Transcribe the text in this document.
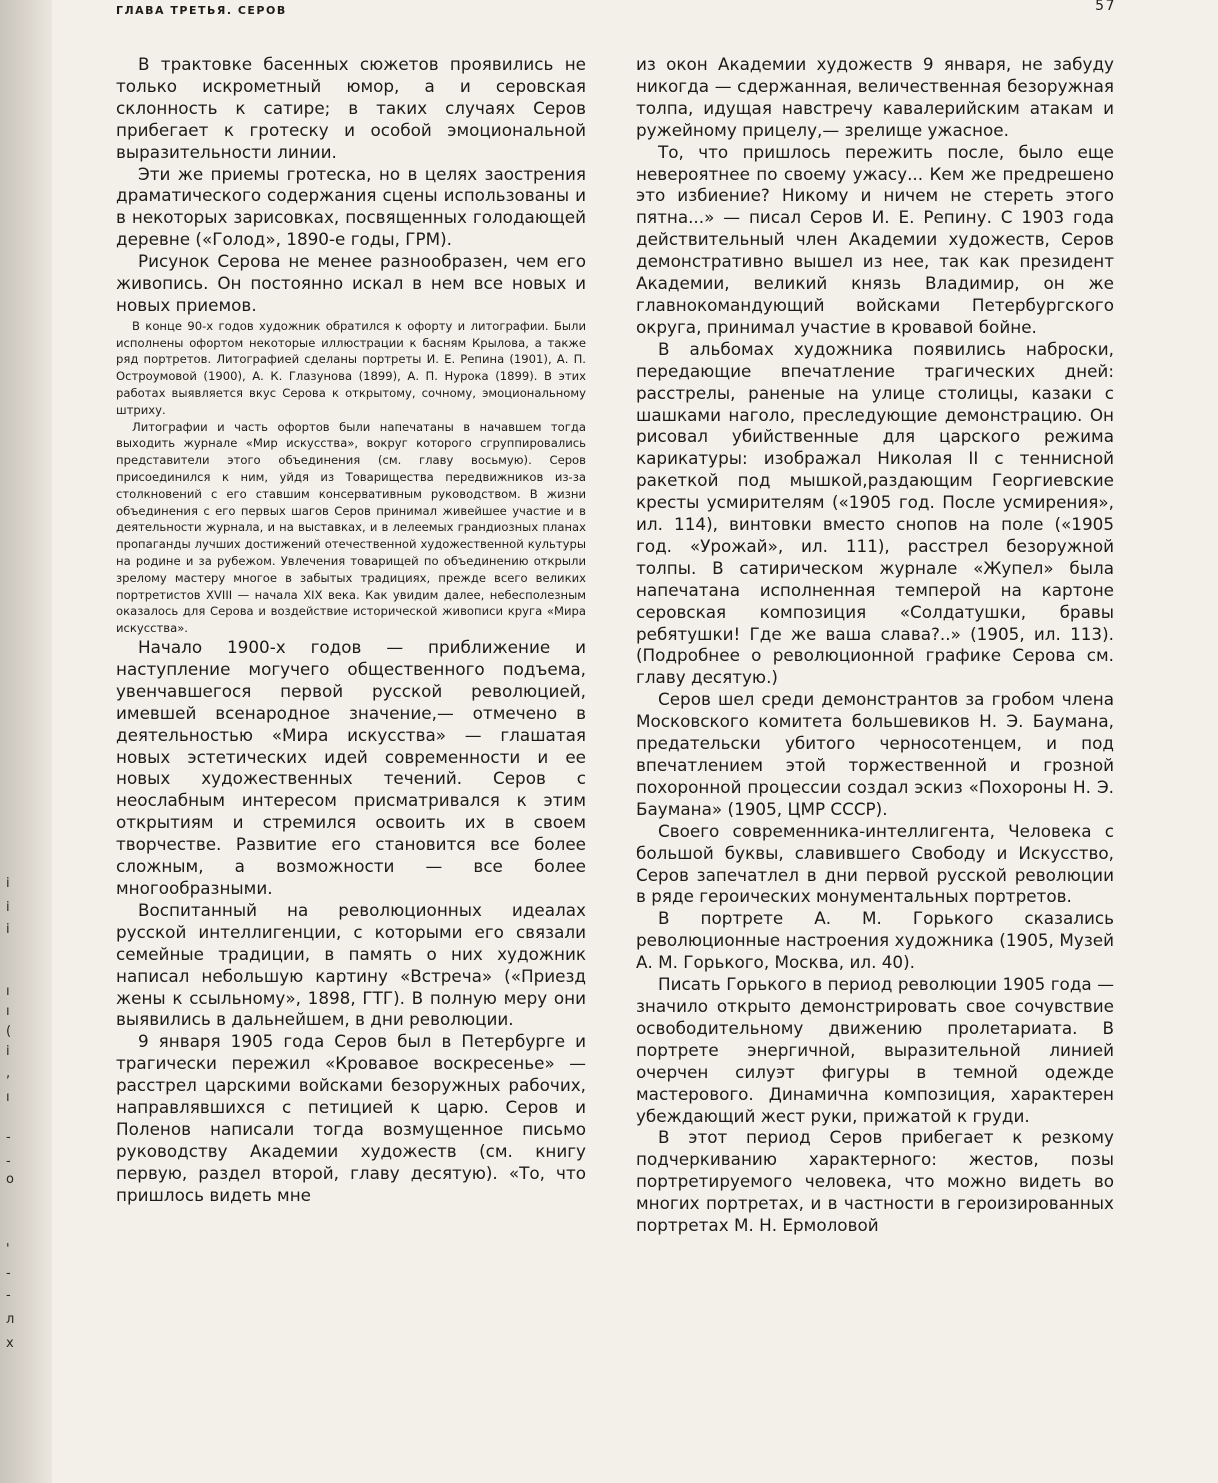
і
і
і
ı
ı
(
і
,
ı
-
-
о
'
-
-
л
х
ГЛАВА ТРЕТЬЯ. СЕРОВ	57

В трактовке басенных сюжетов проявились не только искрометный юмор, а и серовская склонность к сатире; в таких случаях Серов прибегает к гротеску и особой эмоциональной выразительности линии.

Эти же приемы гротеска, но в целях заострения драматического содержания сцены использованы и в некоторых зарисовках, посвященных голодающей деревне («Голод», 1890-е годы, ГРМ).

Рисунок Серова не менее разнообразен, чем его живопись. Он постоянно искал в нем все новых и новых приемов.

В конце 90-х годов художник обратился к офорту и литографии. Были исполнены офортом некоторые иллюстрации к басням Крылова, а также ряд портретов. Литографией сделаны портреты И. Е. Репина (1901), А. П. Остроумовой (1900), А. К. Глазунова (1899), А. П. Нурока (1899). В этих работах выявляется вкус Серова к открытому, сочному, эмоциональному штриху.

Литографии и часть офортов были напечатаны в начавшем тогда выходить журнале «Мир искусства», вокруг которого сгруппировались представители этого объединения (см. главу восьмую). Серов присоединился к ним, уйдя из Товарищества передвижников из-за столкновений с его ставшим консервативным руководством. В жизни объединения с его первых шагов Серов принимал живейшее участие и в деятельности журнала, и на выставках, и в лелеемых грандиозных планах пропаганды лучших достижений отечественной художественной культуры на родине и за рубежом. Увлечения товарищей по объединению открыли зрелому мастеру многое в забытых традициях, прежде всего великих портретистов XVIII — начала XIX века. Как увидим далее, небесполезным оказалось для Серова и воздействие исторической живописи круга «Мира искусства».

Начало 1900-х годов — приближение и наступление могучего общественного подъема, увенчавшегося первой русской революцией, имевшей всенародное значение,— отмечено в деятельностью «Мира искусства» — глашатая новых эстетических идей современности и ее новых художественных течений. Серов с неослабным интересом присматривался к этим открытиям и стремился освоить их в своем творчестве. Развитие его становится все более сложным, а возможности — все более многообразными.

Воспитанный на революционных идеалах русской интеллигенции, с которыми его связали семейные традиции, в память о них художник написал небольшую картину «Встреча» («Приезд жены к ссыльному», 1898, ГТГ). В полную меру они выявились в дальнейшем, в дни революции.

9 января 1905 года Серов был в Петербурге и трагически пережил «Кровавое воскресенье» — расстрел царскими войсками безоружных рабочих, направлявшихся с петицией к царю. Серов и Поленов написали тогда возмущенное письмо руководству Академии художеств (см. книгу первую, раздел второй, главу десятую). «То, что пришлось видеть мне

из окон Академии художеств 9 января, не забуду никогда — сдержанная, величественная безоружная толпа, идущая навстречу кавалерийским атакам и ружейному прицелу,— зрелище ужасное.

То, что пришлось пережить после, было еще невероятнее по своему ужасу... Кем же предрешено это избиение? Никому и ничем не стереть этого пятна...» — писал Серов И. Е. Репину. С 1903 года действительный член Академии художеств, Серов демонстративно вышел из нее, так как президент Академии, великий князь Владимир, он же главнокомандующий войсками Петербургского округа, принимал участие в кровавой бойне.

В альбомах художника появились наброски, передающие впечатление трагических дней: расстрелы, раненые на улице столицы, казаки с шашками наголо, преследующие демонстрацию. Он рисовал убийственные для царского режима карикатуры: изображал Николая II с теннисной ракеткой под мышкой,раздающим Георгиевские кресты усмирителям («1905 год. После усмирения», ил. 114), винтовки вместо снопов на поле («1905 год. «Урожай», ил. 111), расстрел безоружной толпы. В сатирическом журнале «Жупел» была напечатана исполненная темперой на картоне серовская композиция «Солдатушки, бравы ребятушки! Где же ваша слава?..» (1905, ил. 113). (Подробнее о революционной графике Серова см. главу десятую.)

Серов шел среди демонстрантов за гробом члена Московского комитета большевиков Н. Э. Баумана, предательски убитого черносотенцем, и под впечатлением этой торжественной и грозной похоронной процессии создал эскиз «Похороны Н. Э. Баумана» (1905, ЦМР СССР).

Своего современника-интеллигента, Человека с большой буквы, славившего Свободу и Искусство, Серов запечатлел в дни первой русской революции в ряде героических монументальных портретов.

В портрете А. М. Горького сказались революционные настроения художника (1905, Музей А. М. Горького, Москва, ил. 40).

Писать Горького в период революции 1905 года — значило открыто демонстрировать свое сочувствие освободительному движению пролетариата. В портрете энергичной, выразительной линией очерчен силуэт фигуры в темной одежде мастерового. Динамична композиция, характерен убеждающий жест руки, прижатой к груди.

В этот период Серов прибегает к резкому подчеркиванию характерного: жестов, позы портретируемого человека, что можно видеть во многих портретах, и в частности в героизированных портретах М. Н. Ермоловой
